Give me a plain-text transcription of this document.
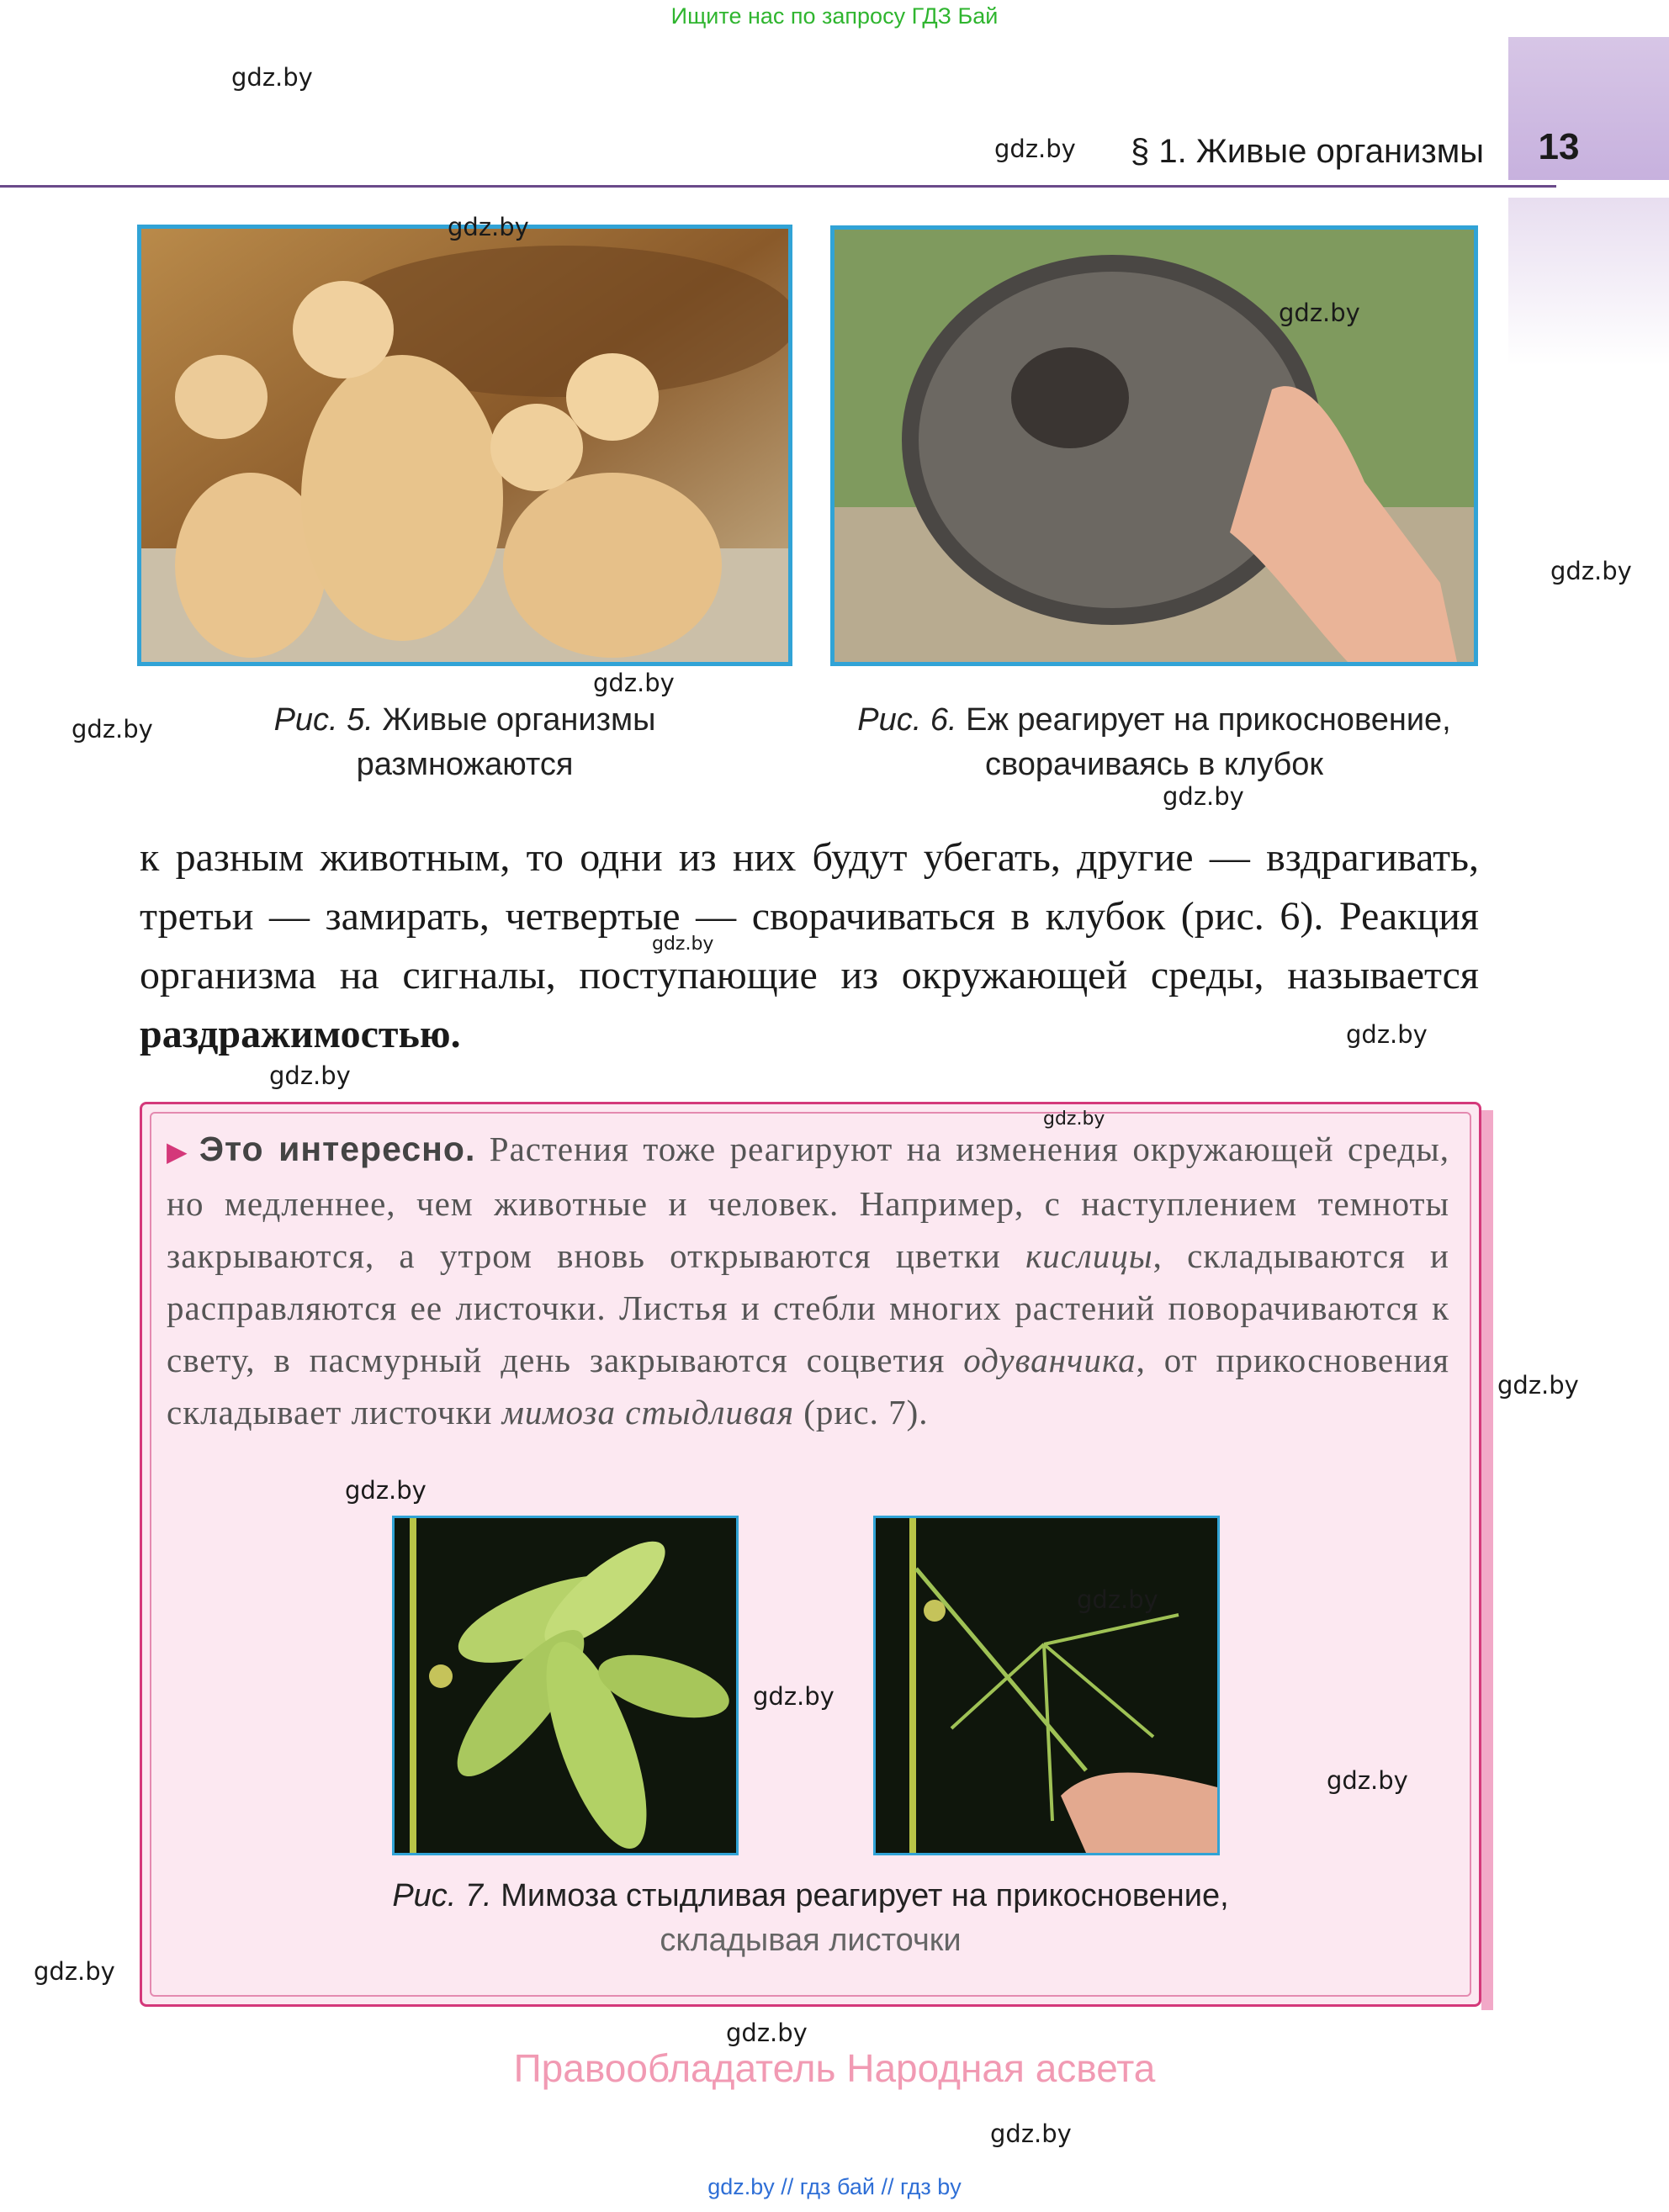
Ищите нас по запросу ГДЗ Бай
13
§ 1. Живые организмы
Рис. 5. Живые организмы
размножаются
Рис. 6. Еж реагирует на прикосновение,
сворачиваясь в клубок
к разным животным, то одни из них будут убегать, другие — вздрагивать, третьи — замирать, четвертые — сворачиваться в клубок (рис. 6). Реакция организма на сигналы, поступающие из окружающей среды, называется раздражимостью.
▶ Это интересно. Растения тоже реагируют на изменения окружающей среды, но медленнее, чем животные и человек. Например, с наступлением темноты закрываются, а утром вновь открываются цветки кислицы, складываются и расправляются ее листочки. Листья и стебли многих растений поворачиваются к свету, в пасмурный день закрываются соцветия одуванчика, от прикосновения складывает листочки мимоза стыдливая (рис. 7).
Рис. 7. Мимоза стыдливая реагирует на прикосновение,
складывая листочки
gdz.by
gdz.by
gdz.by
gdz.by
gdz.by
gdz.by
gdz.by
gdz.by
gdz.by
gdz.by
gdz.by
gdz.by
gdz.by
gdz.by
gdz.by
gdz.by
gdz.by
gdz.by
gdz.by
gdz.by
Правообладатель Народная асвета
gdz.by // гдз бай // гдз by
